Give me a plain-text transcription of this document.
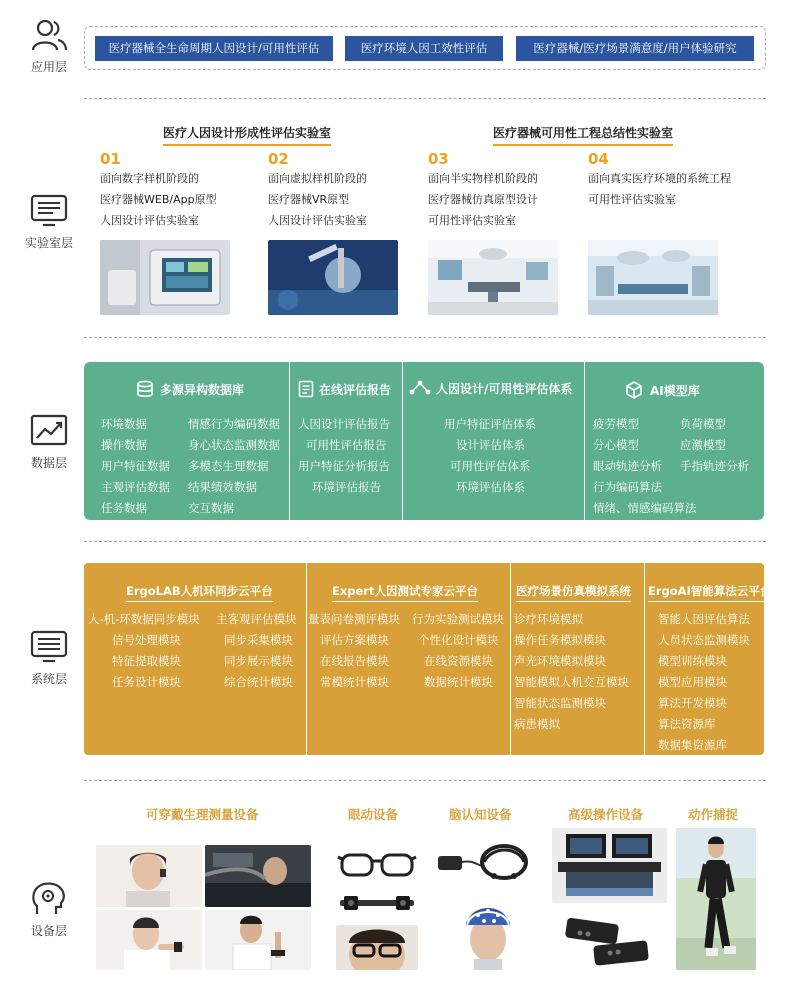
应用层
实验室层
数据层
系统层
设备层
医疗器械全生命周期人因设计/可用性评估	医疗环境人因工效性评估	医疗器械/医疗场景满意度/用户体验研究
医疗人因设计形成性评估实验室	医疗器械可用性工程总结性实验室
01
面向数字样机阶段的
医疗器械WEB/App原型
人因设计评估实验室
02
面向虚拟样机阶段的
医疗器械VR原型
人因设计评估实验室
03
面向半实物样机阶段的
医疗器械仿真原型设计
可用性评估实验室
04
面向真实医疗环境的系统工程
可用性评估实验室
多源异构数据库
环境数据
操作数据
用户特征数据
主观评估数据
任务数据
情感行为编码数据
身心状态监测数据
多模态生理数据
结果绩效数据
交互数据
在线评估报告
人因设计评估报告
可用性评估报告
用户特征分析报告
环境评估报告
人因设计/可用性评估体系
用户特征评估体系
设计评估体系
可用性评估体系
环境评估体系
AI模型库
疲劳模型
分心模型
眼动轨迹分析
行为编码算法
负荷模型
应激模型
手指轨迹分析
情绪、情感编码算法
ErgoLAB人机环同步云平台
人-机-环数据同步模块
信号处理模块
特征提取模块
任务设计模块
主客观评估模块
同步采集模块
同步展示模块
综合统计模块
Expert人因测试专家云平台
量表问卷测评模块
评估方案模块
在线报告模块
常模统计模块
行为实验测试模块
个性化设计模块
在线资源模块
数据统计模块
医疗场景仿真模拟系统
诊疗环境模拟
操作任务模拟模块
声光环境模拟模块
智能模拟人机交互模块
智能状态监测模块
病患模拟
ErgoAI智能算法云平台
智能人因评估算法
人员状态监测模块
模型训练模块
模型应用模块
算法开发模块
算法资源库
数据集资源库
可穿戴生理测量设备	眼动设备	脑认知设备	高级操作设备	动作捕捉
